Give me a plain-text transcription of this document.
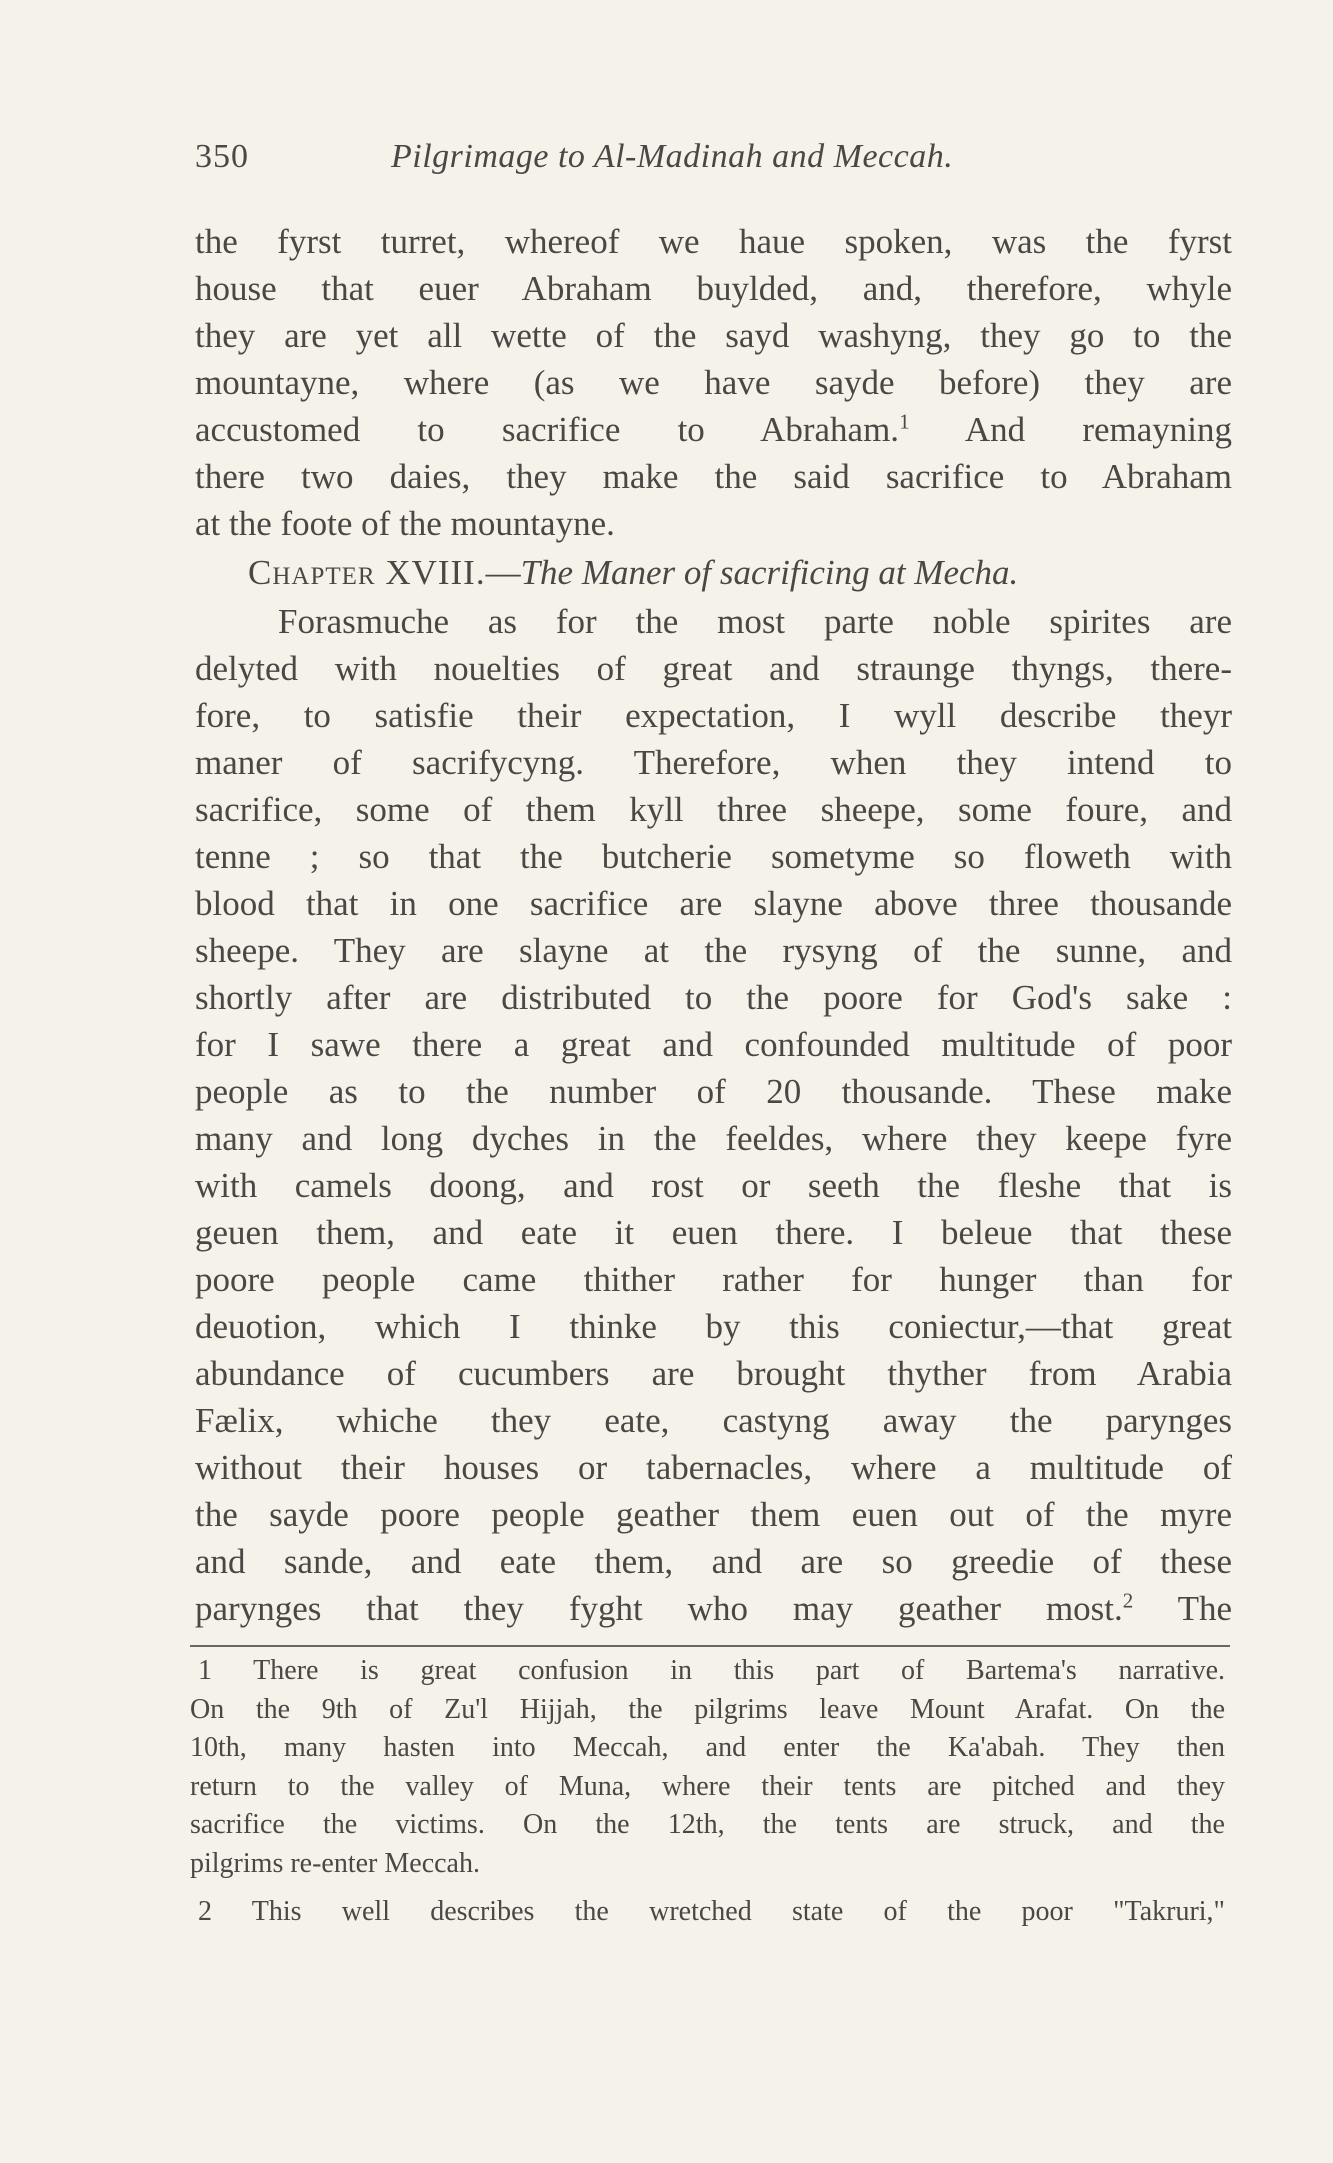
350	Pilgrimage to Al-Madinah and Meccah.
the fyrst turret, whereof we haue spoken, was the fyrst
house that euer Abraham buylded, and, therefore, whyle
they are yet all wette of the sayd washyng, they go to the
mountayne, where (as we have sayde before) they are
accustomed to sacrifice to Abraham.$^1$ And remayning
there two daies, they make the said sacrifice to Abraham
at the foote of the mountayne.
Chapter XVIII.—The Maner of sacrificing at Mecha.
Forasmuche as for the most parte noble spirites are
delyted with nouelties of great and straunge thyngs, there-
fore, to satisfie their expectation, I wyll describe theyr
maner of sacrifycyng. Therefore, when they intend to
sacrifice, some of them kyll three sheepe, some foure, and
tenne ; so that the butcherie sometyme so floweth with
blood that in one sacrifice are slayne above three thousande
sheepe. They are slayne at the rysyng of the sunne, and
shortly after are distributed to the poore for God's sake :
for I sawe there a great and confounded multitude of poor
people as to the number of 20 thousande. These make
many and long dyches in the feeldes, where they keepe fyre
with camels doong, and rost or seeth the fleshe that is
geuen them, and eate it euen there. I beleue that these
poore people came thither rather for hunger than for
deuotion, which I thinke by this coniectur,—that great
abundance of cucumbers are brought thyther from Arabia
Fælix, whiche they eate, castyng away the parynges
without their houses or tabernacles, where a multitude of
the sayde poore people geather them euen out of the myre
and sande, and eate them, and are so greedie of these
parynges that they fyght who may geather most.$^2$ The
1 There is great confusion in this part of Bartema's narrative.
On the 9th of Zu'l Hijjah, the pilgrims leave Mount Arafat. On the
10th, many hasten into Meccah, and enter the Ka'abah. They then
return to the valley of Muna, where their tents are pitched and they
sacrifice the victims. On the 12th, the tents are struck, and the
pilgrims re-enter Meccah.
2 This well describes the wretched state of the poor "Takruri,"
